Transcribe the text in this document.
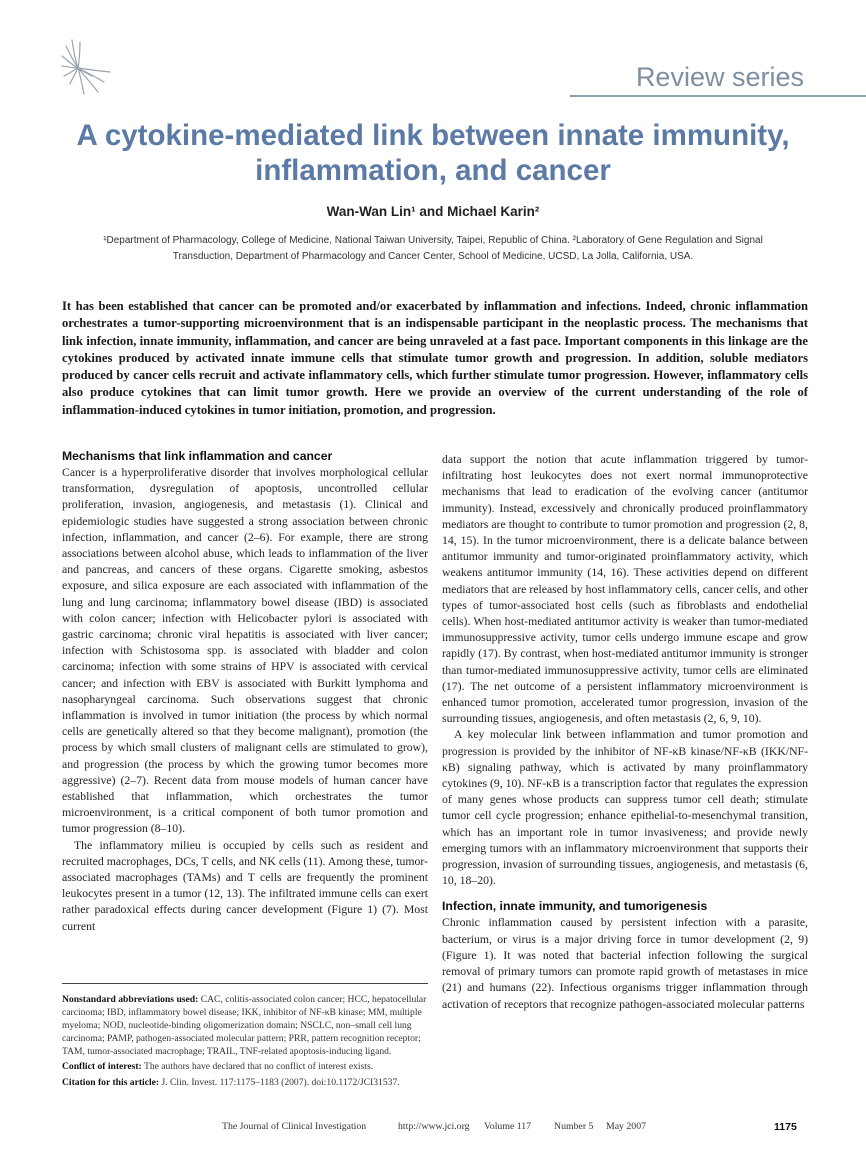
Review series
A cytokine-mediated link between innate immunity, inflammation, and cancer
Wan-Wan Lin¹ and Michael Karin²
¹Department of Pharmacology, College of Medicine, National Taiwan University, Taipei, Republic of China. ²Laboratory of Gene Regulation and Signal Transduction, Department of Pharmacology and Cancer Center, School of Medicine, UCSD, La Jolla, California, USA.

It has been established that cancer can be promoted and/or exacerbated by inflammation and infections. Indeed, chronic inflammation orchestrates a tumor-supporting microenvironment that is an indispensable participant in the neoplastic process. The mechanisms that link infection, innate immunity, inflammation, and cancer are being unraveled at a fast pace. Important components in this linkage are the cytokines produced by activated innate immune cells that stimulate tumor growth and progression. In addition, soluble mediators produced by cancer cells recruit and activate inflammatory cells, which further stimulate tumor progression. However, inflammatory cells also produce cytokines that can limit tumor growth. Here we provide an overview of the current understanding of the role of inflammation-induced cytokines in tumor initiation, promotion, and progression.

Mechanisms that link inflammation and cancer

Cancer is a hyperproliferative disorder that involves morphological cellular transformation, dysregulation of apoptosis, uncontrolled cellular proliferation, invasion, angiogenesis, and metastasis (1). Clinical and epidemiologic studies have suggested a strong association between chronic infection, inflammation, and cancer (2–6). For example, there are strong associations between alcohol abuse, which leads to inflammation of the liver and pancreas, and cancers of these organs. Cigarette smoking, asbestos exposure, and silica exposure are each associated with inflammation of the lung and lung carcinoma; inflammatory bowel disease (IBD) is associated with colon cancer; infection with Helicobacter pylori is associated with gastric carcinoma; chronic viral hepatitis is associated with liver cancer; infection with Schistosoma spp. is associated with bladder and colon carcinoma; infection with some strains of HPV is associated with cervical cancer; and infection with EBV is associated with Burkitt lymphoma and nasopharyngeal carcinoma. Such observations suggest that chronic inflammation is involved in tumor initiation (the process by which normal cells are genetically altered so that they become malignant), promotion (the process by which small clusters of malignant cells are stimulated to grow), and progression (the process by which the growing tumor becomes more aggressive) (2–7). Recent data from mouse models of human cancer have established that inflammation, which orchestrates the tumor microenvironment, is a critical component of both tumor promotion and tumor progression (8–10).

The inflammatory milieu is occupied by cells such as resident and recruited macrophages, DCs, T cells, and NK cells (11). Among these, tumor-associated macrophages (TAMs) and T cells are frequently the prominent leukocytes present in a tumor (12, 13). The infiltrated immune cells can exert rather paradoxical effects during cancer development (Figure 1) (7). Most current

data support the notion that acute inflammation triggered by tumor-infiltrating host leukocytes does not exert normal immunoprotective mechanisms that lead to eradication of the evolving cancer (antitumor immunity). Instead, excessively and chronically produced proinflammatory mediators are thought to contribute to tumor promotion and progression (2, 8, 14, 15). In the tumor microenvironment, there is a delicate balance between antitumor immunity and tumor-originated proinflammatory activity, which weakens antitumor immunity (14, 16). These activities depend on different mediators that are released by host inflammatory cells, cancer cells, and other types of tumor-associated host cells (such as fibroblasts and endothelial cells). When host-mediated antitumor activity is weaker than tumor-mediated immunosuppressive activity, tumor cells undergo immune escape and grow rapidly (17). By contrast, when host-mediated antitumor immunity is stronger than tumor-mediated immunosuppressive activity, tumor cells are eliminated (17). The net outcome of a persistent inflammatory microenvironment is enhanced tumor promotion, accelerated tumor progression, invasion of the surrounding tissues, angiogenesis, and often metastasis (2, 6, 9, 10).

A key molecular link between inflammation and tumor promotion and progression is provided by the inhibitor of NF-κB kinase/NF-κB (IKK/NF-κB) signaling pathway, which is activated by many proinflammatory cytokines (9, 10). NF-κB is a transcription factor that regulates the expression of many genes whose products can suppress tumor cell death; stimulate tumor cell cycle progression; enhance epithelial-to-mesenchymal transition, which has an important role in tumor invasiveness; and provide newly emerging tumors with an inflammatory microenvironment that supports their progression, invasion of surrounding tissues, angiogenesis, and metastasis (6, 10, 18–20).

Infection, innate immunity, and tumorigenesis

Chronic inflammation caused by persistent infection with a parasite, bacterium, or virus is a major driving force in tumor development (2, 9) (Figure 1). It was noted that bacterial infection following the surgical removal of primary tumors can promote rapid growth of metastases in mice (21) and humans (22). Infectious organisms trigger inflammation through activation of receptors that recognize pathogen-associated molecular patterns

Nonstandard abbreviations used: CAC, colitis-associated colon cancer; HCC, hepatocellular carcinoma; IBD, inflammatory bowel disease; IKK, inhibitor of NF-κB kinase; MM, multiple myeloma; NOD, nucleotide-binding oligomerization domain; NSCLC, non–small cell lung carcinoma; PAMP, pathogen-associated molecular pattern; PRR, pattern recognition receptor; TAM, tumor-associated macrophage; TRAIL, TNF-related apoptosis-inducing ligand.

Conflict of interest: The authors have declared that no conflict of interest exists.

Citation for this article: J. Clin. Invest. 117:1175–1183 (2007). doi:10.1172/JCI31537.

The Journal of Clinical Investigation	http://www.jci.org Volume 117 Number 5 May 2007	1175
